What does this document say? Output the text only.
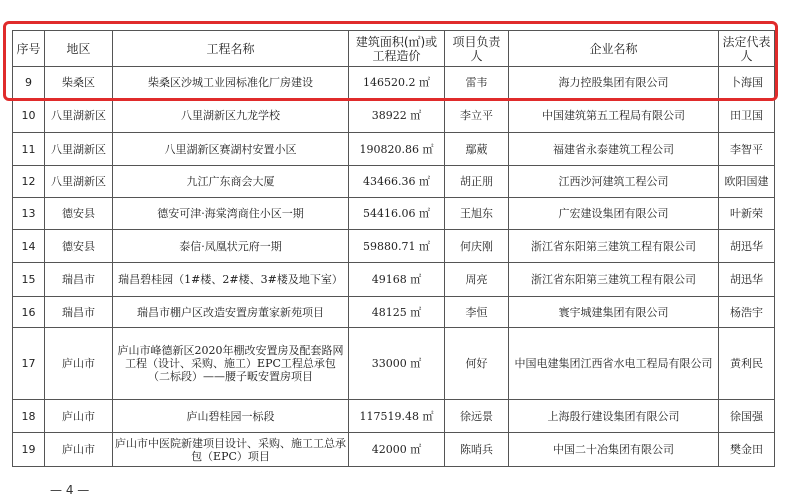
序号	地区	工程名称	建筑面积(㎡)或工程造价	项目负责人	企业名称	法定代表人
9	柴桑区	柴桑区沙城工业园标准化厂房建设	146520.2 ㎡	雷韦	海力控股集团有限公司	卜海国
10	八里湖新区	八里湖新区九龙学校	38922 ㎡	李立平	中国建筑第五工程局有限公司	田卫国
11	八里湖新区	八里湖新区赛湖村安置小区	190820.86 ㎡	鄢葳	福建省永泰建筑工程公司	李智平
12	八里湖新区	九江广东商会大厦	43466.36 ㎡	胡正朋	江西沙河建筑工程公司	欧阳国建
13	德安县	德安可津·海棠湾商住小区一期	54416.06 ㎡	王旭东	广宏建设集团有限公司	叶新荣
14	德安县	泰信·凤凰状元府一期	59880.71 ㎡	何庆刚	浙江省东阳第三建筑工程有限公司	胡迅华
15	瑞昌市	瑞昌碧桂园（1#楼、2#楼、3#楼及地下室）	49168 ㎡	周亮	浙江省东阳第三建筑工程有限公司	胡迅华
16	瑞昌市	瑞昌市棚户区改造安置房董家新苑项目	48125 ㎡	李恒	寰宇城建集团有限公司	杨浩宇
17	庐山市	庐山市峰德新区2020年棚改安置房及配套路网工程（设计、采购、施工）EPC工程总承包（二标段）——腰子畈安置房项目	33000 ㎡	何好	中国电建集团江西省水电工程局有限公司	黄利民
18	庐山市	庐山碧桂园一标段	117519.48 ㎡	徐远景	上海殷行建设集团有限公司	徐国强
19	庐山市	庐山市中医院新建项目设计、采购、施工工总承包（EPC）项目	42000 ㎡	陈哨兵	中国二十冶集团有限公司	樊金田
— 4 —
